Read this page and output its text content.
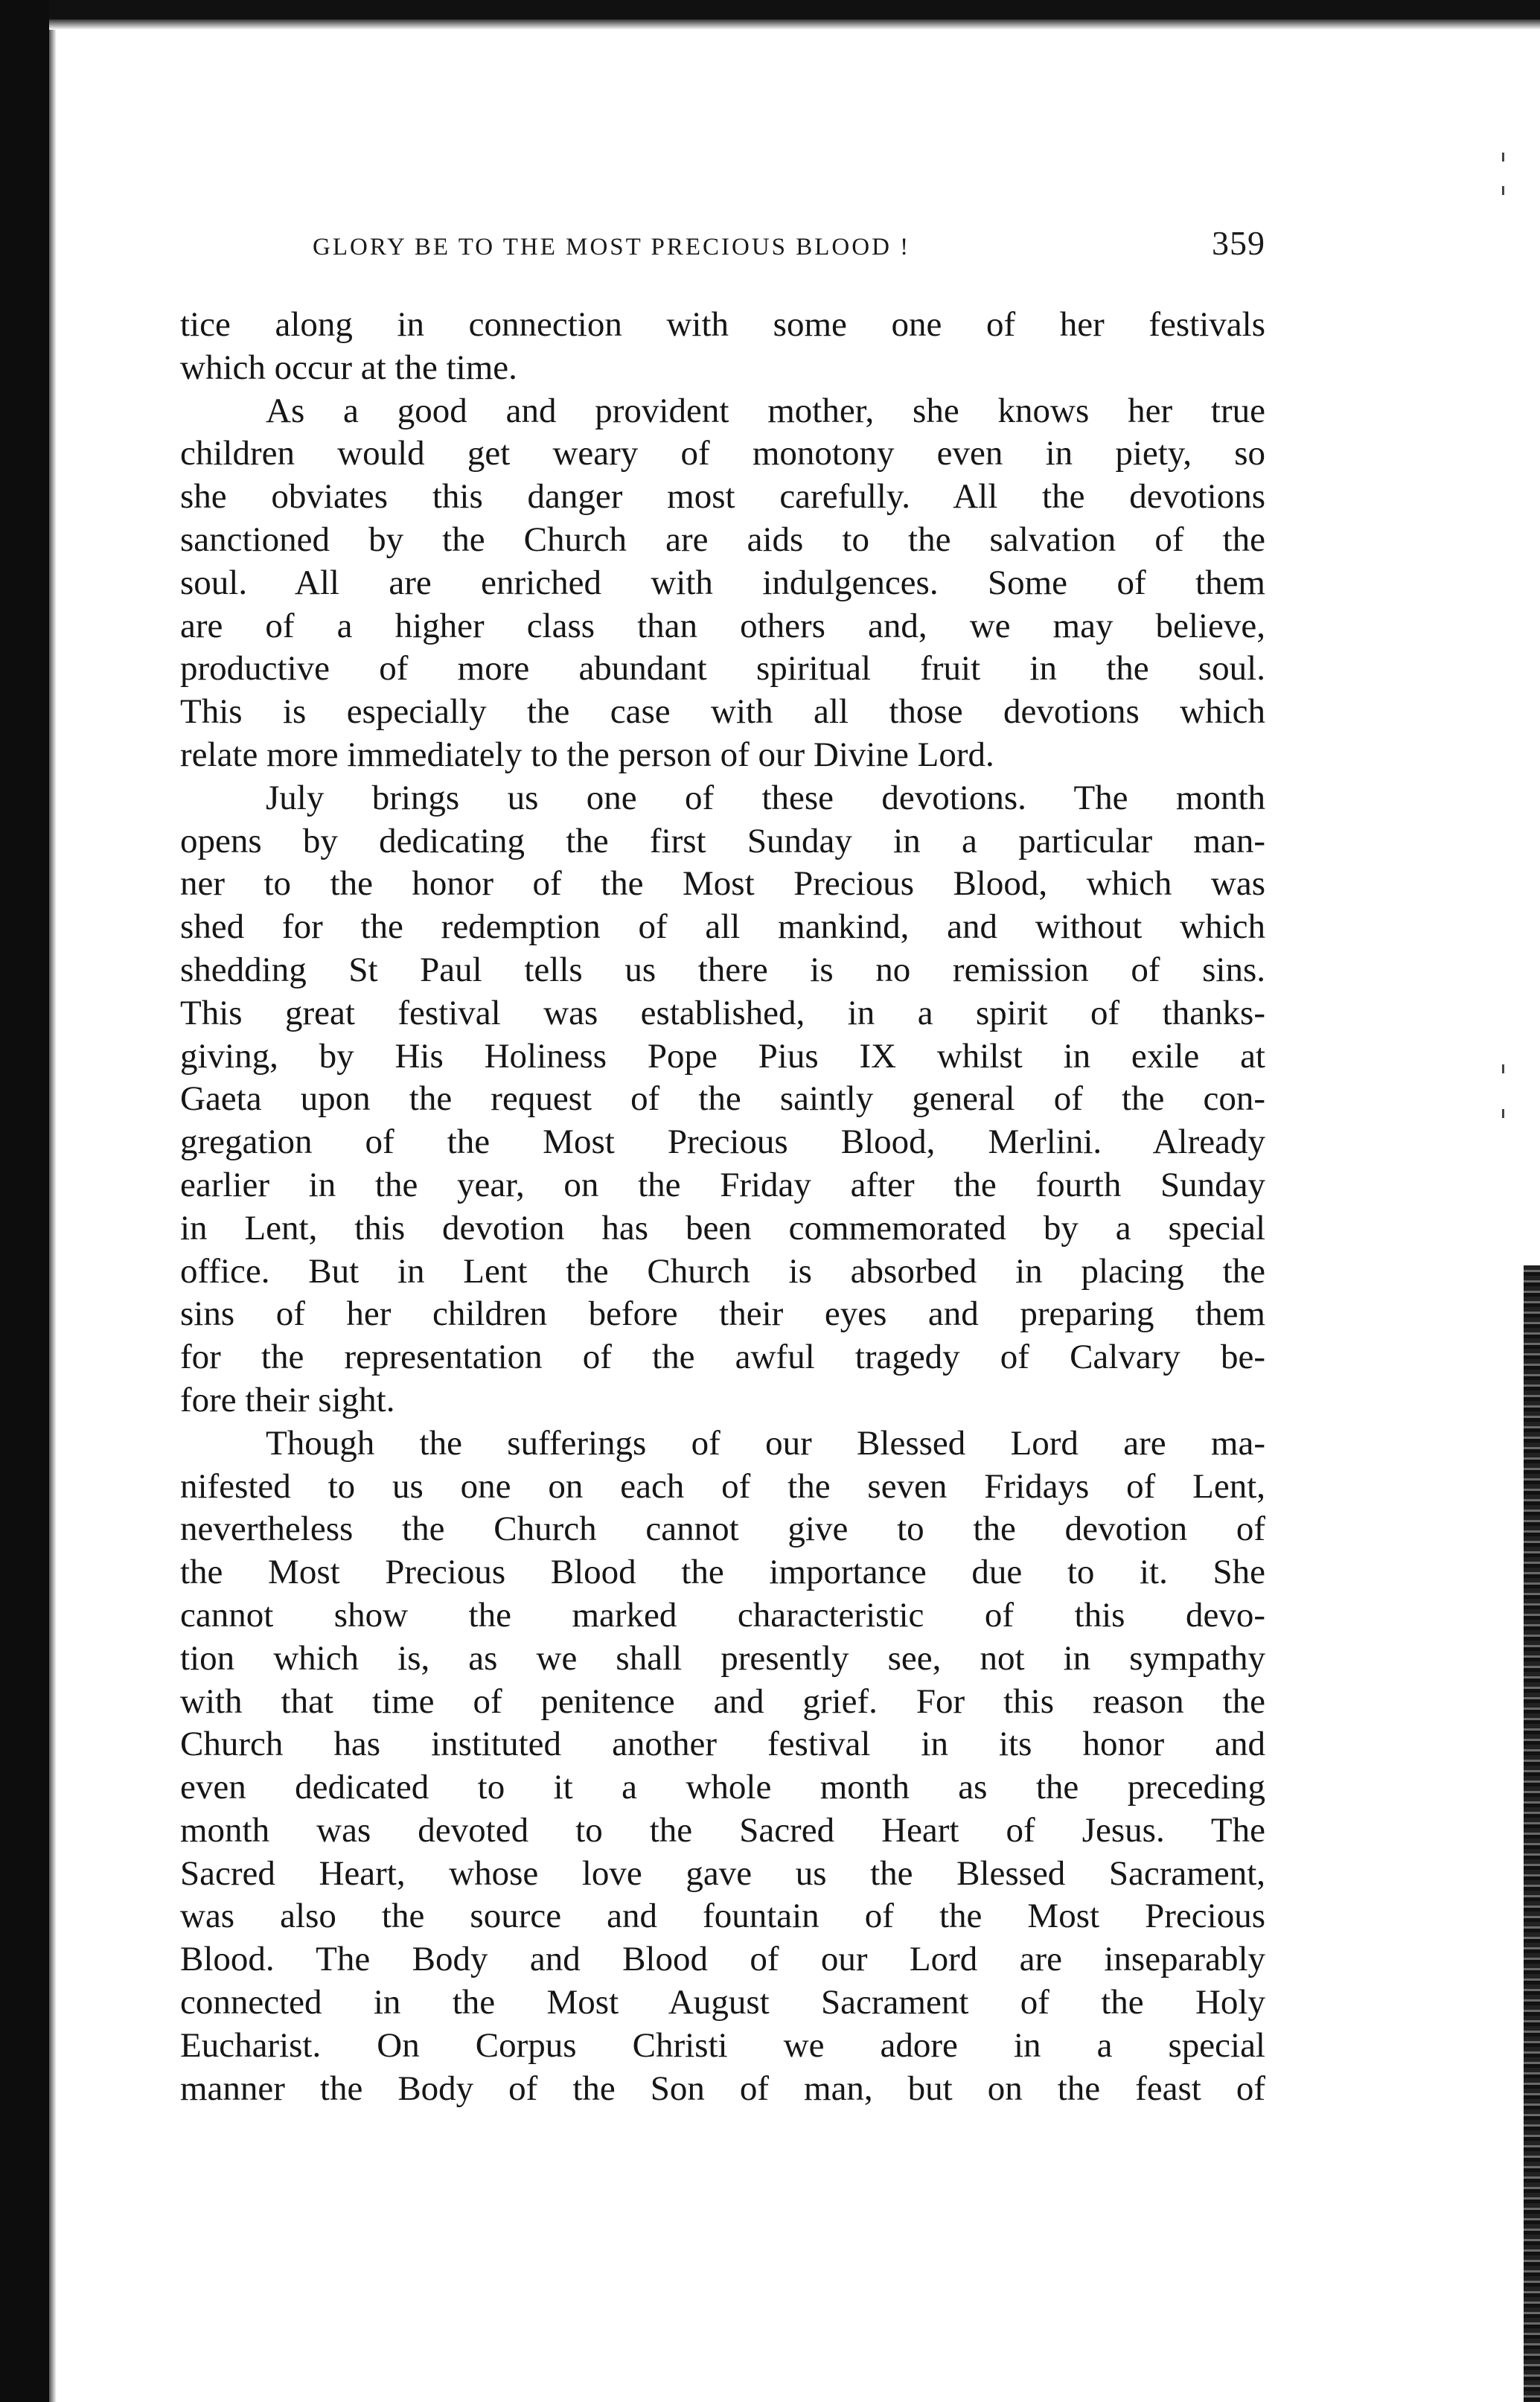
GLORY BE TO THE MOST PRECIOUS BLOOD !	359
tice along in connection with some one of her festivals
which occur at the time.
As a good and provident mother, she knows her true
children would get weary of monotony even in piety, so
she obviates this danger most carefully. All the devotions
sanctioned by the Church are aids to the salvation of the
soul. All are enriched with indulgences. Some of them
are of a higher class than others and, we may believe,
productive of more abundant spiritual fruit in the soul.
This is especially the case with all those devotions which
relate more immediately to the person of our Divine Lord.
July brings us one of these devotions. The month
opens by dedicating the first Sunday in a particular man-
ner to the honor of the Most Precious Blood, which was
shed for the redemption of all mankind, and without which
shedding St Paul tells us there is no remission of sins.
This great festival was established, in a spirit of thanks-
giving, by His Holiness Pope Pius IX whilst in exile at
Gaeta upon the request of the saintly general of the con-
gregation of the Most Precious Blood, Merlini. Already
earlier in the year, on the Friday after the fourth Sunday
in Lent, this devotion has been commemorated by a special
office. But in Lent the Church is absorbed in placing the
sins of her children before their eyes and preparing them
for the representation of the awful tragedy of Calvary be-
fore their sight.
Though the sufferings of our Blessed Lord are ma-
nifested to us one on each of the seven Fridays of Lent,
nevertheless the Church cannot give to the devotion of
the Most Precious Blood the importance due to it. She
cannot show the marked characteristic of this devo-
tion which is, as we shall presently see, not in sympathy
with that time of penitence and grief. For this reason the
Church has instituted another festival in its honor and
even dedicated to it a whole month as the preceding
month was devoted to the Sacred Heart of Jesus. The
Sacred Heart, whose love gave us the Blessed Sacrament,
was also the source and fountain of the Most Precious
Blood. The Body and Blood of our Lord are inseparably
connected in the Most August Sacrament of the Holy
Eucharist. On Corpus Christi we adore in a special
manner the Body of the Son of man, but on the feast of
